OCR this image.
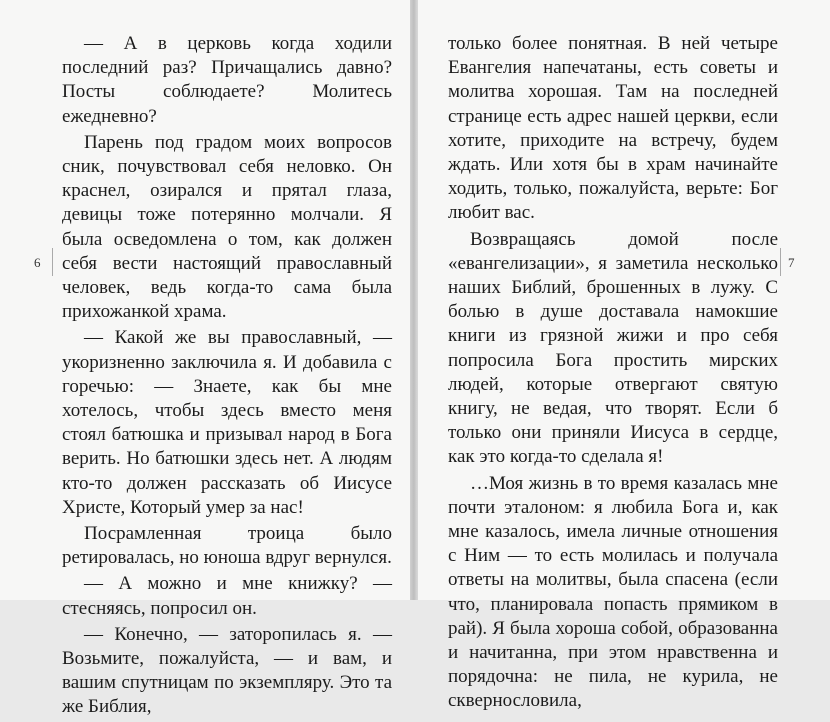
6

— А в церковь когда ходили последний раз? Причащались давно? Посты соблюдаете? Молитесь ежедневно?

Парень под градом моих вопросов сник, почувствовал себя неловко. Он краснел, озирался и прятал глаза, девицы тоже потерянно молчали. Я была осведомлена о том, как должен себя вести настоящий православный человек, ведь когда-то сама была прихожанкой храма.

— Какой же вы православный, — укоризненно заключила я. И добавила с горечью: — Знаете, как бы мне хотелось, чтобы здесь вместо меня стоял батюшка и призывал народ в Бога верить. Но батюшки здесь нет. А людям кто-то должен рассказать об Иисусе Христе, Который умер за нас!

Посрамленная троица было ретировалась, но юноша вдруг вернулся.

— А можно и мне книжку? — стесняясь, попросил он.

— Конечно, — заторопилась я. — Возьмите, пожалуйста, — и вам, и вашим спутницам по экземпляру. Это та же Библия,

7

только более понятная. В ней четыре Евангелия напечатаны, есть советы и молитва хорошая. Там на последней странице есть адрес нашей церкви, если хотите, приходите на встречу, будем ждать. Или хотя бы в храм начинайте ходить, только, пожалуйста, верьте: Бог любит вас.

Возвращаясь домой после «евангелизации», я заметила несколько наших Библий, брошенных в лужу. С болью в душе доставала намокшие книги из грязной жижи и про себя попросила Бога простить мирских людей, которые отвергают святую книгу, не ведая, что творят. Если б только они приняли Иисуса в сердце, как это когда-то сделала я!

…Моя жизнь в то время казалась мне почти эталоном: я любила Бога и, как мне казалось, имела личные отношения с Ним — то есть молилась и получала ответы на молитвы, была спасена (если что, планировала попасть прямиком в рай). Я была хороша собой, образованна и начитанна, при этом нравственна и порядочна: не пила, не курила, не сквернословила,
